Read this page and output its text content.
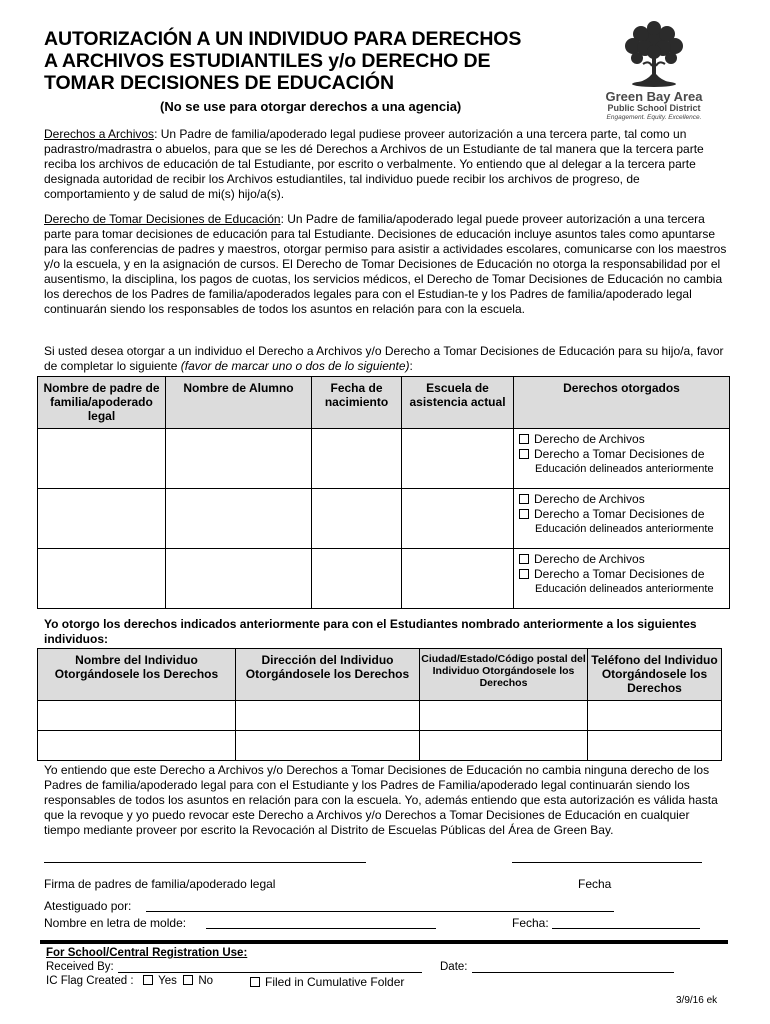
AUTORIZACIÓN A UN INDIVIDUO PARA DERECHOS
A ARCHIVOS ESTUDIANTILES y/o DERECHO DE
TOMAR DECISIONES DE EDUCACIÓN
(No se use para otorgar derechos a una agencia)
Green Bay Area
Public School District
Engagement. Equity. Excellence.
Derechos a Archivos: Un Padre de familia/apoderado legal pudiese proveer autorización a una tercera parte, tal como un padrastro/madrastra o abuelos, para que se les dé Derechos a Archivos de un Estudiante de tal manera que la tercera parte reciba los archivos de educación de tal Estudiante, por escrito o verbalmente. Yo entiendo que al delegar a la tercera parte designada autoridad de recibir los Archivos estudiantiles, tal individuo puede recibir los archivos de progreso, de comportamiento y de salud de mi(s) hijo/a(s).
Derecho de Tomar Decisiones de Educación: Un Padre de familia/apoderado legal puede proveer autorización a una tercera parte para tomar decisiones de educación para tal Estudiante. Decisiones de educación incluye asuntos tales como apuntarse para las conferencias de padres y maestros, otorgar permiso para asistir a actividades escolares, comunicarse con los maestros y/o la escuela, y en la asignación de cursos. El Derecho de Tomar Decisiones de Educación no otorga la responsabilidad por el ausentismo, la disciplina, los pagos de cuotas, los servicios médicos, el Derecho de Tomar Decisiones de Educación no cambia los derechos de los Padres de familia/apoderados legales para con el Estudian-te y los Padres de familia/apoderado legal continuarán siendo los responsables de todos los asuntos en relación para con la escuela.
Si usted desea otorgar a un individuo el Derecho a Archivos y/o Derecho a Tomar Decisiones de Educación para su hijo/a, favor de completar lo siguiente (favor de marcar uno o dos de lo siguiente):
Nombre de padre de familia/apoderado legal	Nombre de Alumno	Fecha de nacimiento	Escuela de asistencia actual	Derechos otorgados

				Derecho de Archivos
Derecho a Tomar Decisiones de
Educación delineados anteriormente

				Derecho de Archivos
Derecho a Tomar Decisiones de
Educación delineados anteriormente

				Derecho de Archivos
Derecho a Tomar Decisiones de
Educación delineados anteriormente
Yo otorgo los derechos indicados anteriormente para con el Estudiantes nombrado anteriormente a los siguientes individuos:
Nombre del Individuo Otorgándosele los Derechos	Dirección del Individuo Otorgándosele los Derechos	Ciudad/Estado/Código postal del Individuo Otorgándosele los Derechos	Teléfono del Individuo Otorgándosele los Derechos

Yo entiendo que este Derecho a Archivos y/o Derechos a Tomar Decisiones de Educación no cambia ninguna derecho de los Padres de familia/apoderado legal para con el Estudiante y los Padres de Familia/apoderado legal continuarán siendo los responsables de todos los asuntos en relación para con la escuela. Yo, además entiendo que esta autorización es válida hasta que la revoque y yo puedo revocar este Derecho a Archivos y/o Derechos a Tomar Decisiones de Educación en cualquier tiempo mediante proveer por escrito la Revocación al Distrito de Escuelas Públicas del Área de Green Bay.
Firma de padres de familia/apoderado legal	Fecha
Atestiguado por:
Nombre en letra de molde:	Fecha:
For School/Central Registration Use:
Received By:	Date:
IC Flag Created : Yes No	Filed in Cumulative Folder
3/9/16 ek
